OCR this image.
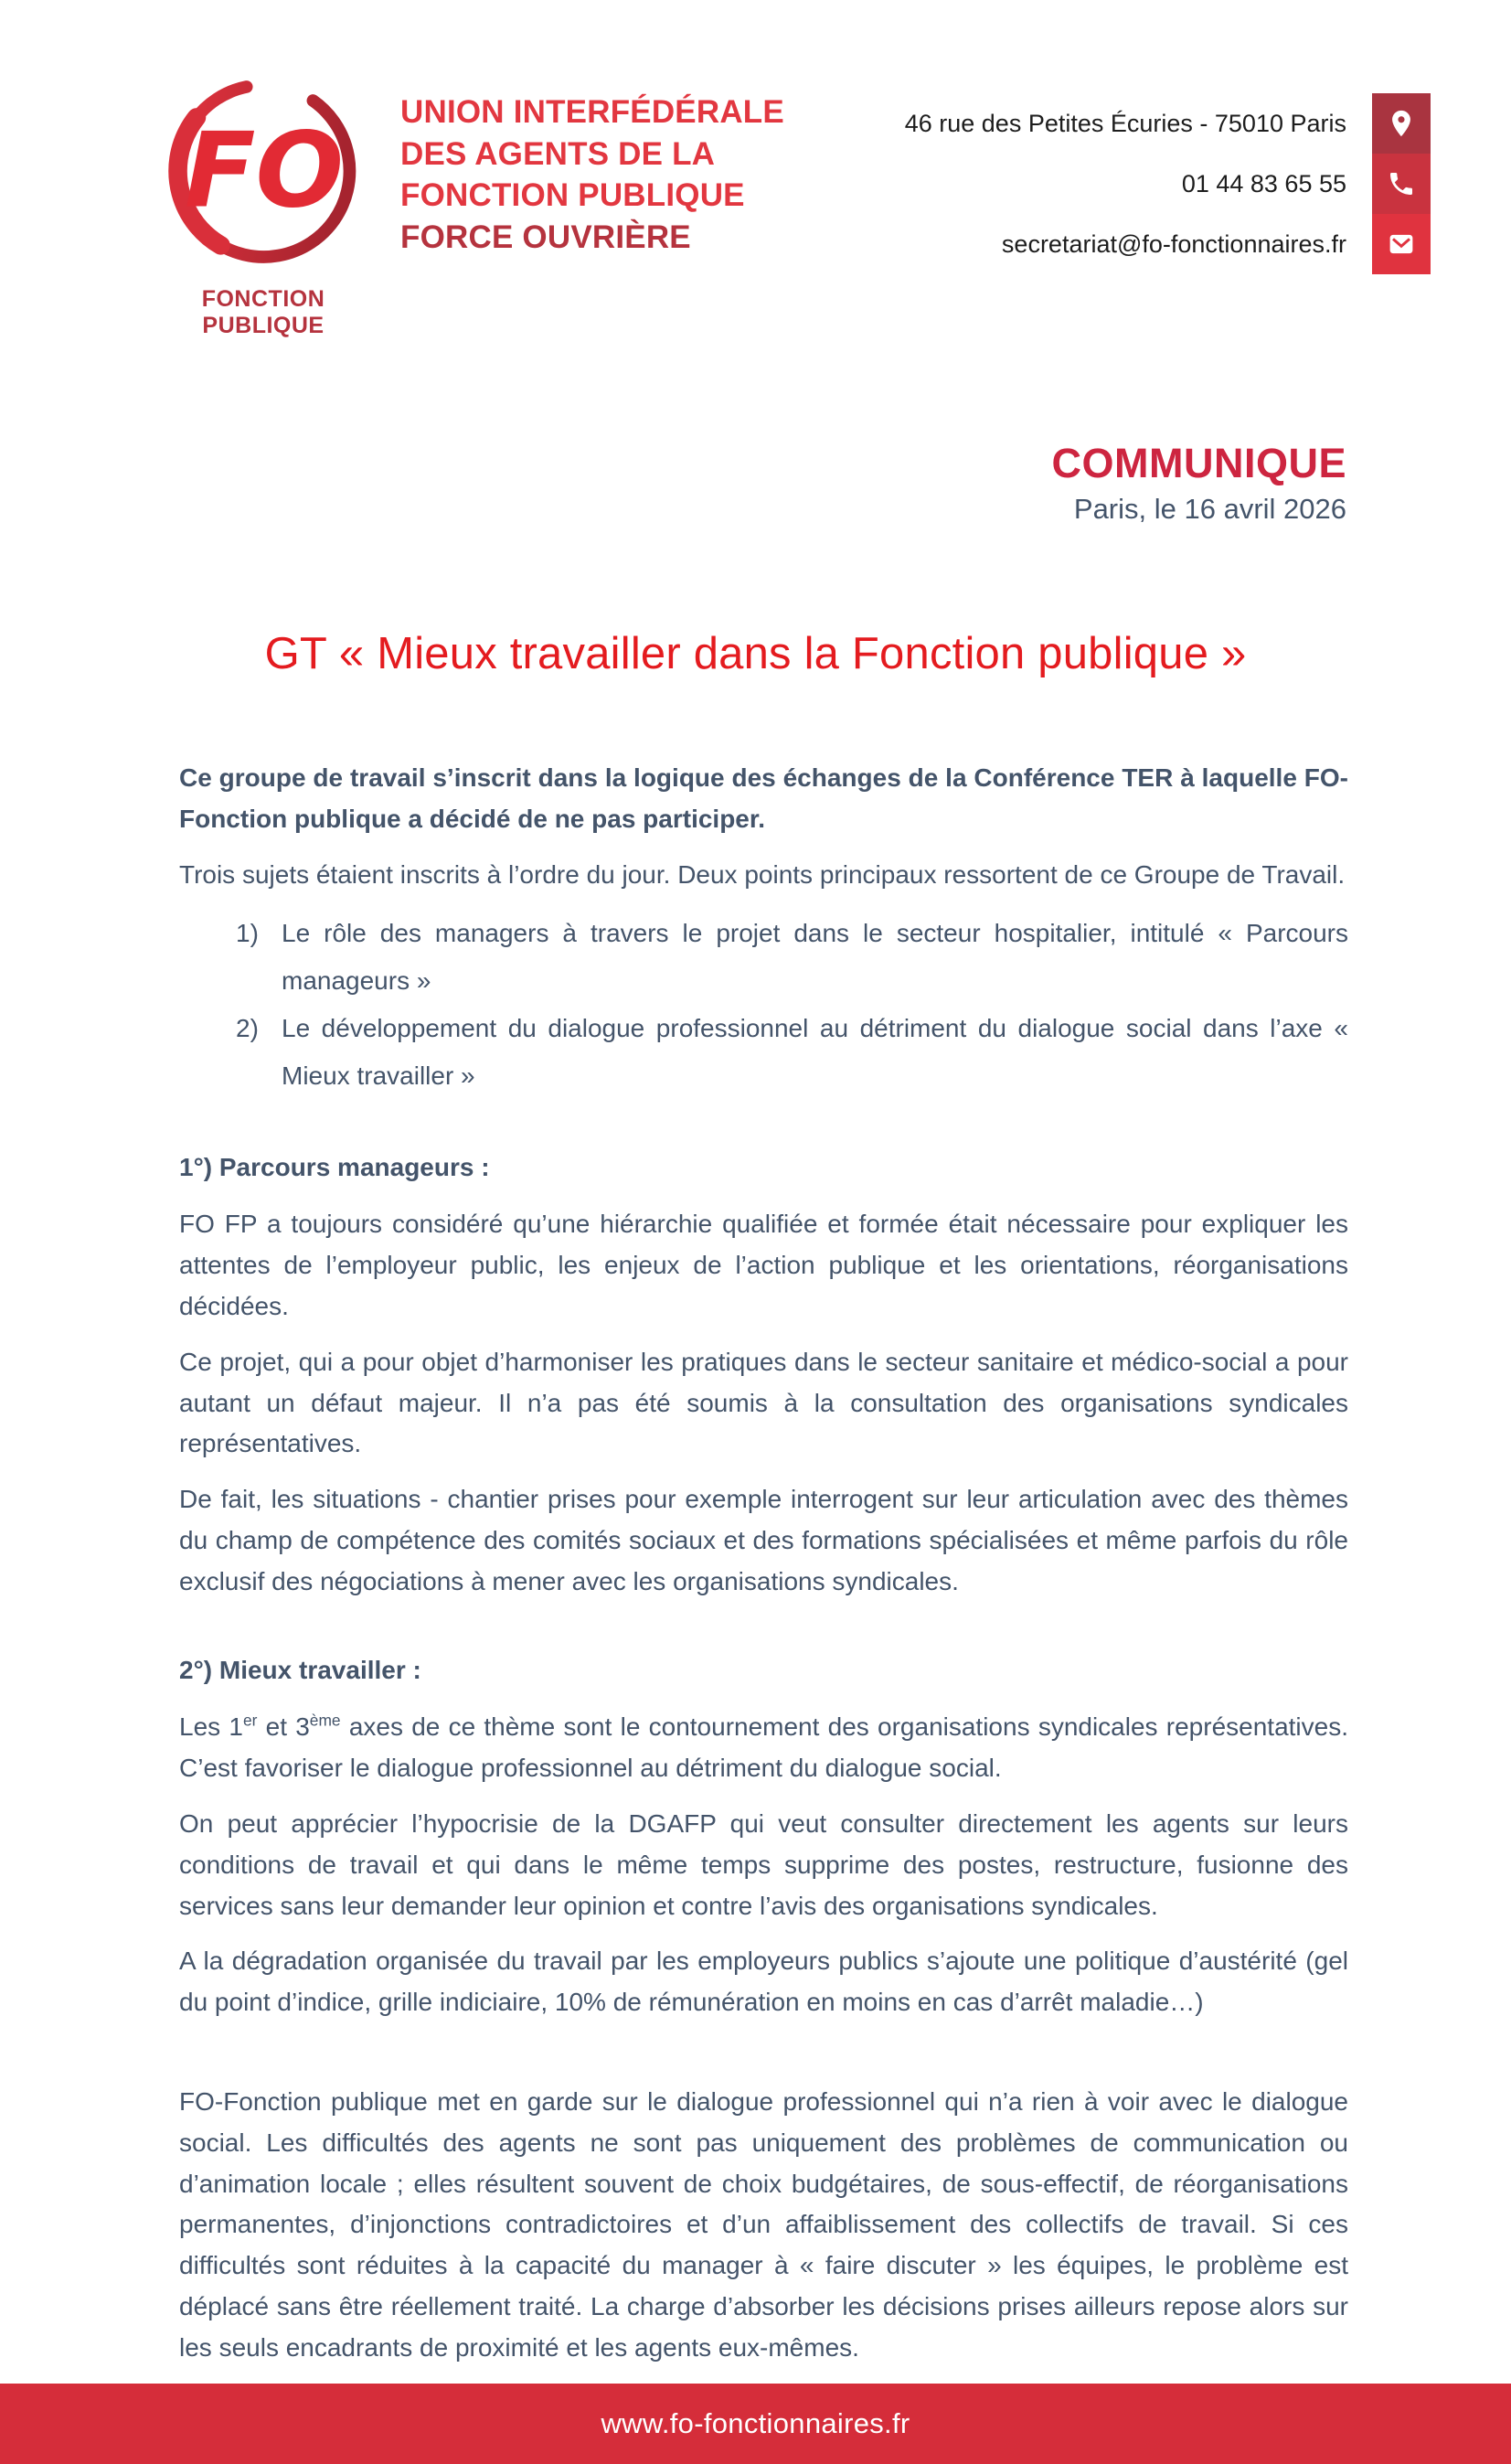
FO
FONCTION PUBLIQUE
UNION INTERFÉDÉRALE
DES AGENTS DE LA
FONCTION PUBLIQUE
FORCE OUVRIÈRE
46 rue des Petites Écuries - 75010 Paris
01 44 83 65 55
secretariat@fo-fonctionnaires.fr
COMMUNIQUE
Paris, le 16 avril 2026
GT « Mieux travailler dans la Fonction publique »

Ce groupe de travail s’inscrit dans la logique des échanges de la Conférence TER à laquelle FO-Fonction publique a décidé de ne pas participer.

Trois sujets étaient inscrits à l’ordre du jour. Deux points principaux ressortent de ce Groupe de Travail.

1) Le rôle des managers à travers le projet dans le secteur hospitalier, intitulé « Parcours manageurs »
2) Le développement du dialogue professionnel au détriment du dialogue social dans l’axe « Mieux travailler »

1°) Parcours manageurs :

FO FP a toujours considéré qu’une hiérarchie qualifiée et formée était nécessaire pour expliquer les attentes de l’employeur public, les enjeux de l’action publique et les orientations, réorganisations décidées.

Ce projet, qui a pour objet d’harmoniser les pratiques dans le secteur sanitaire et médico-social a pour autant un défaut majeur. Il n’a pas été soumis à la consultation des organisations syndicales représentatives.

De fait, les situations - chantier prises pour exemple interrogent sur leur articulation avec des thèmes du champ de compétence des comités sociaux et des formations spécialisées et même parfois du rôle exclusif des négociations à mener avec les organisations syndicales.

2°) Mieux travailler :

Les 1er et 3ème axes de ce thème sont le contournement des organisations syndicales représentatives. C’est favoriser le dialogue professionnel au détriment du dialogue social.

On peut apprécier l’hypocrisie de la DGAFP qui veut consulter directement les agents sur leurs conditions de travail et qui dans le même temps supprime des postes, restructure, fusionne des services sans leur demander leur opinion et contre l’avis des organisations syndicales.

A la dégradation organisée du travail par les employeurs publics s’ajoute une politique d’austérité (gel du point d’indice, grille indiciaire, 10% de rémunération en moins en cas d’arrêt maladie…)

FO-Fonction publique met en garde sur le dialogue professionnel qui n’a rien à voir avec le dialogue social. Les difficultés des agents ne sont pas uniquement des problèmes de communication ou d’animation locale ; elles résultent souvent de choix budgétaires, de sous-effectif, de réorganisations permanentes, d’injonctions contradictoires et d’un affaiblissement des collectifs de travail. Si ces difficultés sont réduites à la capacité du manager à « faire discuter » les équipes, le problème est déplacé sans être réellement traité. La charge d’absorber les décisions prises ailleurs repose alors sur les seuls encadrants de proximité et les agents eux-mêmes.

www.fo-fonctionnaires.fr
